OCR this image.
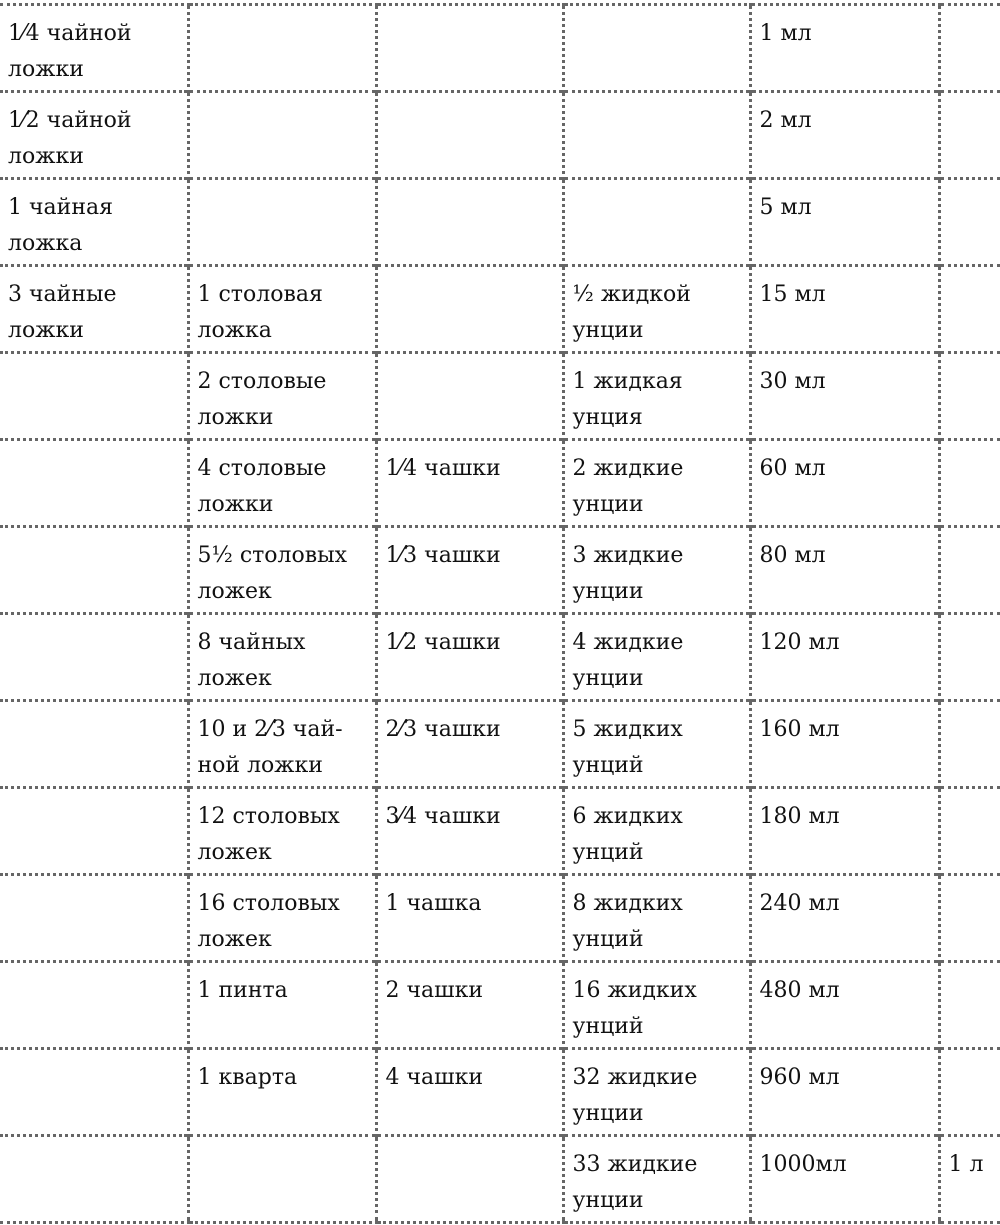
1⁄4 чайной ложки				1 мл	
1⁄2 чайной ложки				2 мл	
1 чайная ложка				5 мл	
3 чайные ложки	1 столовая ложка		½ жидкой унции	15 мл	
	2 столовые ложки		1 жидкая унция	30 мл	
	4 столовые ложки	1⁄4 чашки	2 жидкие унции	60 мл	
	5½ столовых ложек	1⁄3 чашки	3 жидкие унции	80 мл	
	8 чайных ложек	1⁄2 чашки	4 жидкие унции	120 мл	
	10 и 2⁄3 чай-ной ложки	2⁄3 чашки	5 жидких унций	160 мл	
	12 столовых ложек	3⁄4 чашки	6 жидких унций	180 мл	
	16 столовых ложек	1 чашка	8 жидких унций	240 мл	
	1 пинта	2 чашки	16 жидких унций	480 мл	
	1 кварта	4 чашки	32 жидкие унции	960 мл	
			33 жидкие унции	1000мл	1 л
